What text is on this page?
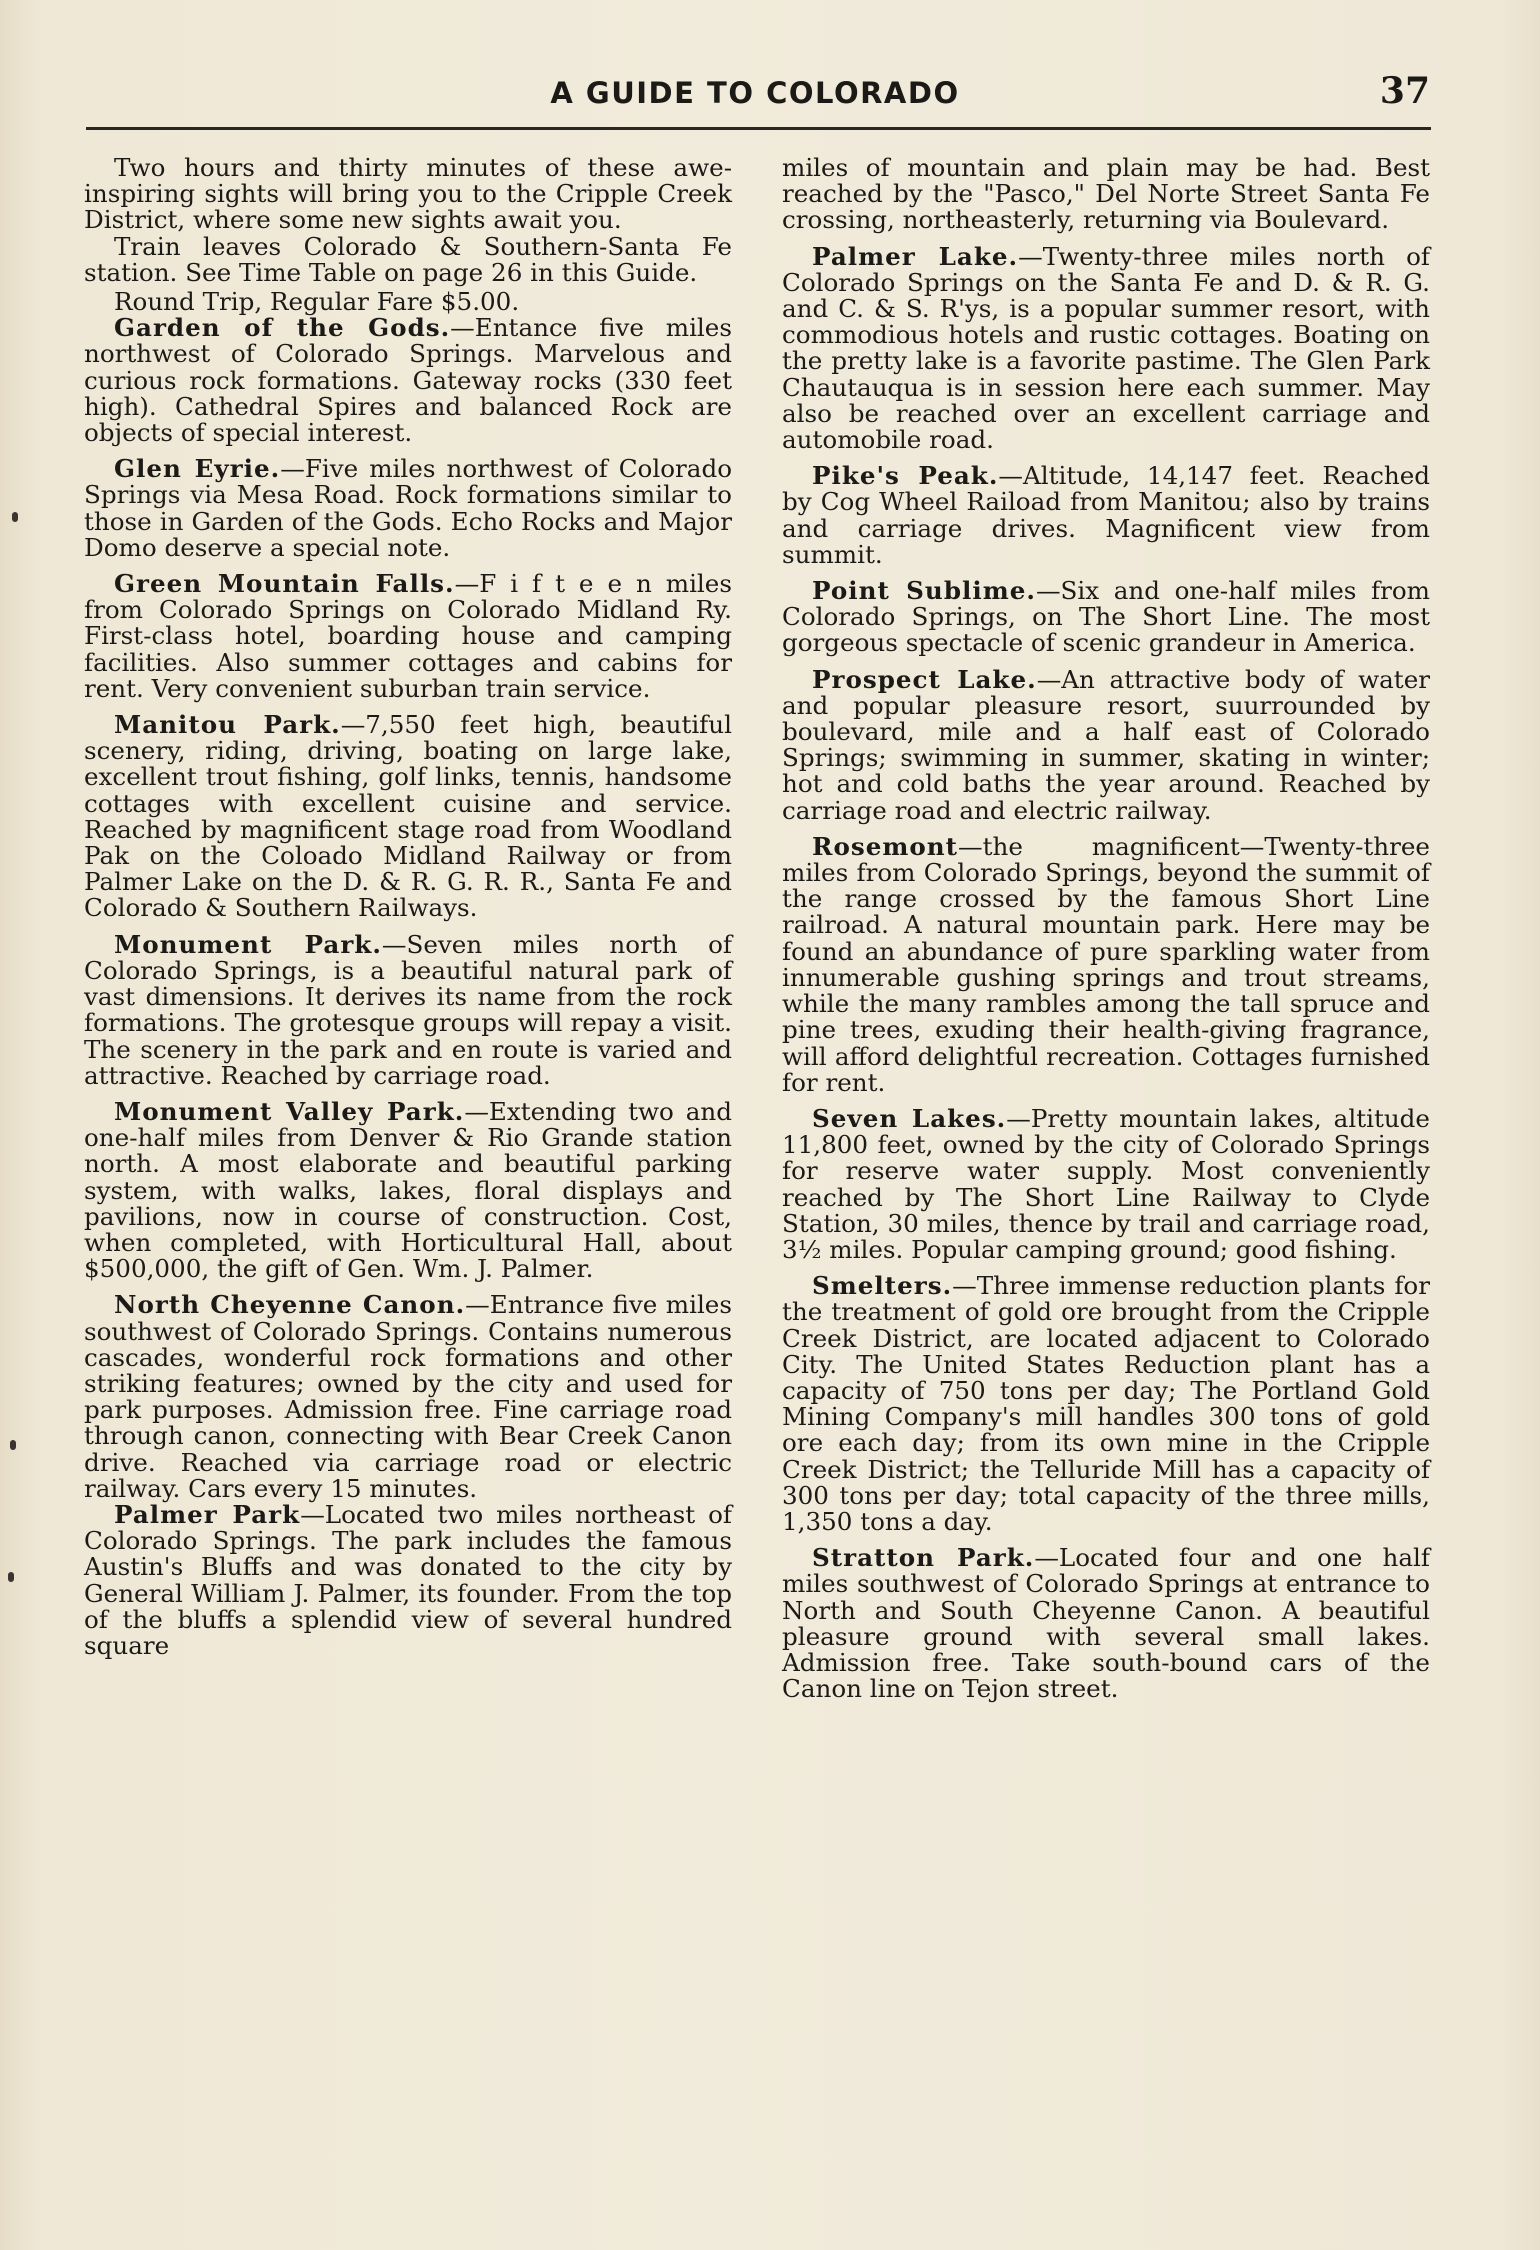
A GUIDE TO COLORADO	37

Two hours and thirty minutes of these awe-inspiring sights will bring you to the Cripple Creek District, where some new sights await you.

Train leaves Colorado & Southern-Santa Fe station. See Time Table on page 26 in this Guide.

Round Trip, Regular Fare $5.00.

Garden of the Gods.—Entance five miles northwest of Colorado Springs. Marvelous and curious rock formations. Gateway rocks (330 feet high). Cathedral Spires and balanced Rock are objects of special interest.

Glen Eyrie.—Five miles northwest of Colorado Springs via Mesa Road. Rock formations similar to those in Garden of the Gods. Echo Rocks and Major Domo deserve a special note.

Green Mountain Falls.—F i f t e e n miles from Colorado Springs on Colorado Midland Ry. First-class hotel, boarding house and camping facilities. Also summer cottages and cabins for rent. Very convenient suburban train service.

Manitou Park.—7,550 feet high, beautiful scenery, riding, driving, boating on large lake, excellent trout fishing, golf links, tennis, handsome cottages with excellent cuisine and service. Reached by magnificent stage road from Woodland Pak on the Coloado Midland Railway or from Palmer Lake on the D. & R. G. R. R., Santa Fe and Colorado & Southern Railways.

Monument Park.—Seven miles north of Colorado Springs, is a beautiful natural park of vast dimensions. It derives its name from the rock formations. The grotesque groups will repay a visit. The scenery in the park and en route is varied and attractive. Reached by carriage road.

Monument Valley Park.—Extending two and one-half miles from Denver & Rio Grande station north. A most elaborate and beautiful parking system, with walks, lakes, floral displays and pavilions, now in course of construction. Cost, when completed, with Horticultural Hall, about $500,000, the gift of Gen. Wm. J. Palmer.

North Cheyenne Canon.—Entrance five miles southwest of Colorado Springs. Contains numerous cascades, wonderful rock formations and other striking features; owned by the city and used for park purposes. Admission free. Fine carriage road through canon, connecting with Bear Creek Canon drive. Reached via carriage road or electric railway. Cars every 15 minutes.

Palmer Park—Located two miles northeast of Colorado Springs. The park includes the famous Austin's Bluffs and was donated to the city by General William J. Palmer, its founder. From the top of the bluffs a splendid view of several hundred square

miles of mountain and plain may be had. Best reached by the "Pasco," Del Norte Street Santa Fe crossing, northeasterly, returning via Boulevard.

Palmer Lake.—Twenty-three miles north of Colorado Springs on the Santa Fe and D. & R. G. and C. & S. R'ys, is a popular summer resort, with commodious hotels and rustic cottages. Boating on the pretty lake is a favorite pastime. The Glen Park Chautauqua is in session here each summer. May also be reached over an excellent carriage and automobile road.

Pike's Peak.—Altitude, 14,147 feet. Reached by Cog Wheel Raiload from Manitou; also by trains and carriage drives. Magnificent view from summit.

Point Sublime.—Six and one-half miles from Colorado Springs, on The Short Line. The most gorgeous spectacle of scenic grandeur in America.

Prospect Lake.—An attractive body of water and popular pleasure resort, suurrounded by boulevard, mile and a half east of Colorado Springs; swimming in summer, skating in winter; hot and cold baths the year around. Reached by carriage road and electric railway.

Rosemont—the magnificent—Twenty-three miles from Colorado Springs, beyond the summit of the range crossed by the famous Short Line railroad. A natural mountain park. Here may be found an abundance of pure sparkling water from innumerable gushing springs and trout streams, while the many rambles among the tall spruce and pine trees, exuding their health-giving fragrance, will afford delightful recreation. Cottages furnished for rent.

Seven Lakes.—Pretty mountain lakes, altitude 11,800 feet, owned by the city of Colorado Springs for reserve water supply. Most conveniently reached by The Short Line Railway to Clyde Station, 30 miles, thence by trail and carriage road, 3½ miles. Popular camping ground; good fishing.

Smelters.—Three immense reduction plants for the treatment of gold ore brought from the Cripple Creek District, are located adjacent to Colorado City. The United States Reduction plant has a capacity of 750 tons per day; The Portland Gold Mining Company's mill handles 300 tons of gold ore each day; from its own mine in the Cripple Creek District; the Telluride Mill has a capacity of 300 tons per day; total capacity of the three mills, 1,350 tons a day.

Stratton Park.—Located four and one half miles southwest of Colorado Springs at entrance to North and South Cheyenne Canon. A beautiful pleasure ground with several small lakes. Admission free. Take south-bound cars of the Canon line on Tejon street.
